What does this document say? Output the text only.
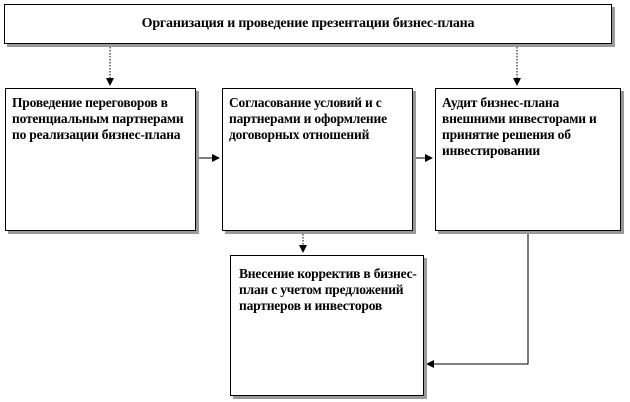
Организация и проведение презентации бизнес-плана
Проведение переговоров в потенциальным партнерами по реализации бизнес-плана
Согласование условий и с партнерами и оформление договорных отношений
Аудит бизнес-плана внешними инвесторами и принятие решения об инвестировании
Внесение корректив в бизнес-план с учетом предложений партнеров и инвесторов
